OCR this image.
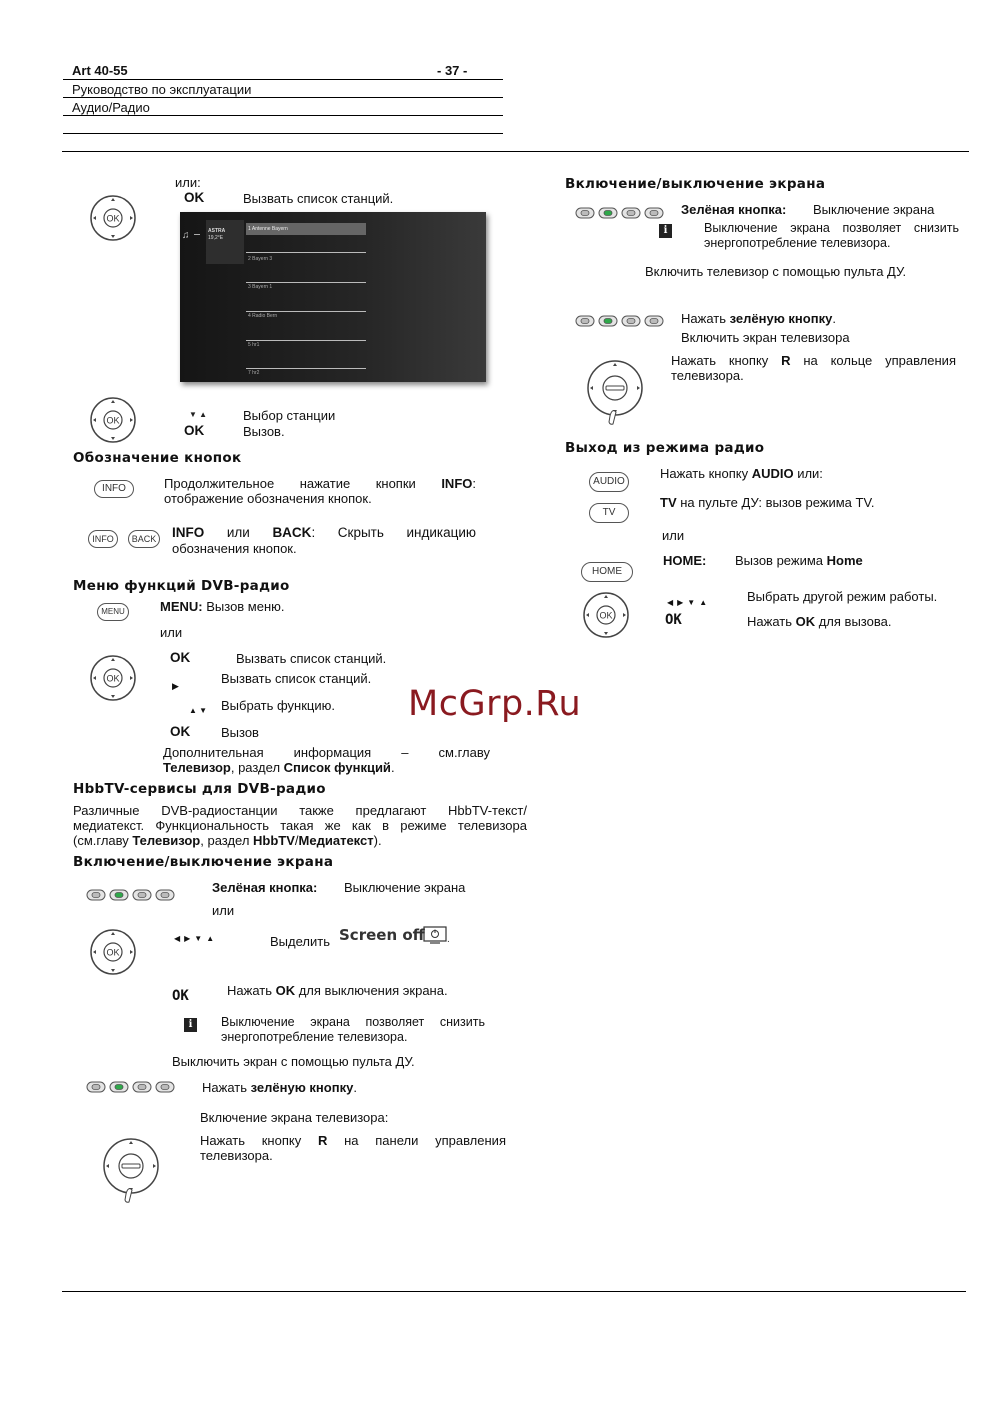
Art 40-55	- 37 -
Руководство по эксплуатации
Аудио/Радио
OK
или:
OK	Вызвать список станций.
♫	ASTRA
19,2°E
1 Antenne Bayern
2 Bayern 3
3 Bayern 1
4 Radio Bern
5 hr1
7 hr2
OK
▼ ▲	Выбор станции
OK	Вызов.
Обозначение кнопок
INFO	Продолжительное нажатие кнопки INFO:
отображение обозначения кнопок.
INFO	BACK INFO или BACK: Скрыть индикацию
обозначения кнопок.
Меню функций DVB-радио
MENU	MENU: Вызов меню.
или
OK
OK	Вызвать список станций.
▶	Вызвать список станций.
▲ ▼ Выбрать функцию.
OK Вызов
Дополнительная информация – см.главу
Телевизор, раздел Список функций.
HbbTV-сервисы для DVB-радио
Различные DVB-радиостанции также предлагают HbbTV-текст/
медиатекст. Функциональность такая же как в режиме телевизора
(см.главу Телевизор, раздел HbbTV/Медиатекст).
Включение/выключение экрана
Зелёная кнопка: Выключение экрана
или
OK
◀▶▼▲	Выделить Screen off .
OK	Нажать OK для выключения экрана.
i	Выключение экрана позволяет снизить
энергопотребление телевизора.
Выключить экран с помощью пульта ДУ.
Нажать зелёную кнопку.
Включение экрана телевизора:
Нажать кнопку R на панели управления
телевизора.
Включение/выключение экрана
Зелёная кнопка: Выключение экрана
i	Выключение экрана позволяет снизить
энергопотребление телевизора.
Включить телевизор с помощью пульта ДУ.
Нажать зелёную кнопку.
Включить экран телевизора
Нажать кнопку R на кольце управления
телевизора.
Выход из режима радио
AUDIO
Нажать кнопку AUDIO или:
TV
TV на пульте ДУ: вызов режима TV.
или
HOME
HOME: Вызов режима Home
OK
◀▶▼▲	Выбрать другой режим работы.
OK	Нажать OK для вызова.
McGrp.Ru
